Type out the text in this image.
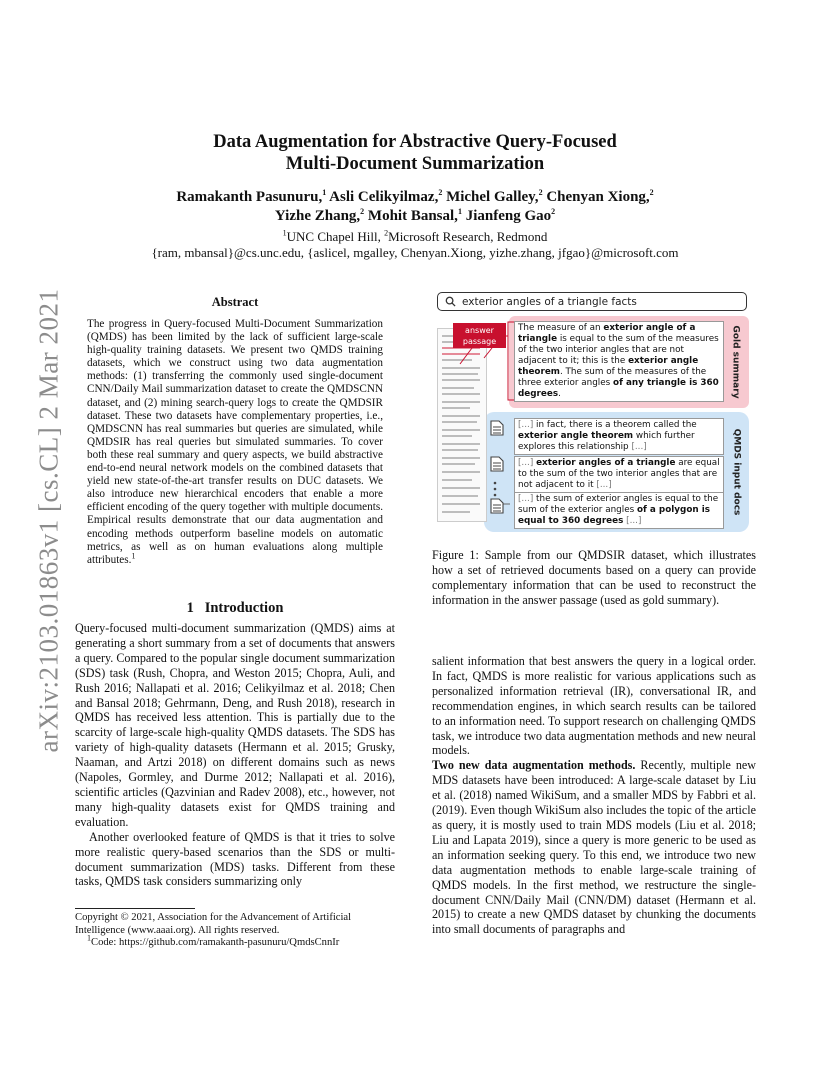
arXiv:2103.01863v1 [cs.CL] 2 Mar 2021
Data Augmentation for Abstractive Query-Focused
Multi-Document Summarization
Ramakanth Pasunuru,$^1$ Asli Celikyilmaz,$^2$ Michel Galley,$^2$ Chenyan Xiong,$^2$
Yizhe Zhang,$^2$ Mohit Bansal,$^1$ Jianfeng Gao$^2$
$^1$UNC Chapel Hill, $^2$Microsoft Research, Redmond
{ram, mbansal}@cs.unc.edu, {aslicel, mgalley, Chenyan.Xiong, yizhe.zhang, jfgao}@microsoft.com
Abstract
The progress in Query-focused Multi-Document Summarization (QMDS) has been limited by the lack of sufficient large-scale high-quality training datasets. We present two QMDS training datasets, which we construct using two data augmentation methods: (1) transferring the commonly used single-document CNN/Daily Mail summarization dataset to create the QMDSCNN dataset, and (2) mining search-query logs to create the QMDSIR dataset. These two datasets have complementary properties, i.e., QMDSCNN has real summaries but queries are simulated, while QMDSIR has real queries but simulated summaries. To cover both these real summary and query aspects, we build abstractive end-to-end neural network models on the combined datasets that yield new state-of-the-art transfer results on DUC datasets. We also introduce new hierarchical encoders that enable a more efficient encoding of the query together with multiple documents. Empirical results demonstrate that our data augmentation and encoding methods outperform baseline models on automatic metrics, as well as on human evaluations along multiple attributes.$^1$
1 Introduction

Query-focused multi-document summarization (QMDS) aims at generating a short summary from a set of documents that answers a query. Compared to the popular single document summarization (SDS) task (Rush, Chopra, and Weston 2015; Chopra, Auli, and Rush 2016; Nallapati et al. 2016; Celikyilmaz et al. 2018; Chen and Bansal 2018; Gehrmann, Deng, and Rush 2018), research in QMDS has received less attention. This is partially due to the scarcity of large-scale high-quality QMDS datasets. The SDS has variety of high-quality datasets (Hermann et al. 2015; Grusky, Naaman, and Artzi 2018) on different domains such as news (Napoles, Gormley, and Durme 2012; Nallapati et al. 2016), scientific articles (Qazvinian and Radev 2008), etc., however, not many high-quality datasets exist for QMDS training and evaluation.

Another overlooked feature of QMDS is that it tries to solve more realistic query-based scenarios than the SDS or multi-document summarization (MDS) tasks. Different from these tasks, QMDS task considers summarizing only

Copyright © 2021, Association for the Advancement of Artificial Intelligence (www.aaai.org). All rights reserved.
$^1$Code: https://github.com/ramakanth-pasunuru/QmdsCnnIr
exterior angles of a triangle facts
answer passage
The measure of an exterior angle of a triangle is equal to the sum of the measures of the two interior angles that are not adjacent to it; this is the exterior angle theorem. The sum of the measures of the three exterior angles of any triangle is 360 degrees.
[...] in fact, there is a theorem called the exterior angle theorem which further explores this relationship [...]
[...] exterior angles of a triangle are equal to the sum of the two interior angles that are not adjacent to it [...]
[...] the sum of exterior angles is equal to the sum of the exterior angles of a polygon is equal to 360 degrees [...]
Gold summary
QMDS input docs
Figure 1: Sample from our QMDSIR dataset, which illustrates how a set of retrieved documents based on a query can provide complementary information that can be used to reconstruct the information in the answer passage (used as gold summary).

salient information that best answers the query in a logical order. In fact, QMDS is more realistic for various applications such as personalized information retrieval (IR), conversational IR, and recommendation engines, in which search results can be tailored to an information need. To support research on challenging QMDS task, we introduce two data augmentation methods and new neural models.

Two new data augmentation methods. Recently, multiple new MDS datasets have been introduced: A large-scale dataset by Liu et al. (2018) named WikiSum, and a smaller MDS by Fabbri et al. (2019). Even though WikiSum also includes the topic of the article as query, it is mostly used to train MDS models (Liu et al. 2018; Liu and Lapata 2019), since a query is more generic to be used as an information seeking query. To this end, we introduce two new data augmentation methods to enable large-scale training of QMDS models. In the first method, we restructure the single-document CNN/Daily Mail (CNN/DM) dataset (Hermann et al. 2015) to create a new QMDS dataset by chunking the documents into small documents of paragraphs and
